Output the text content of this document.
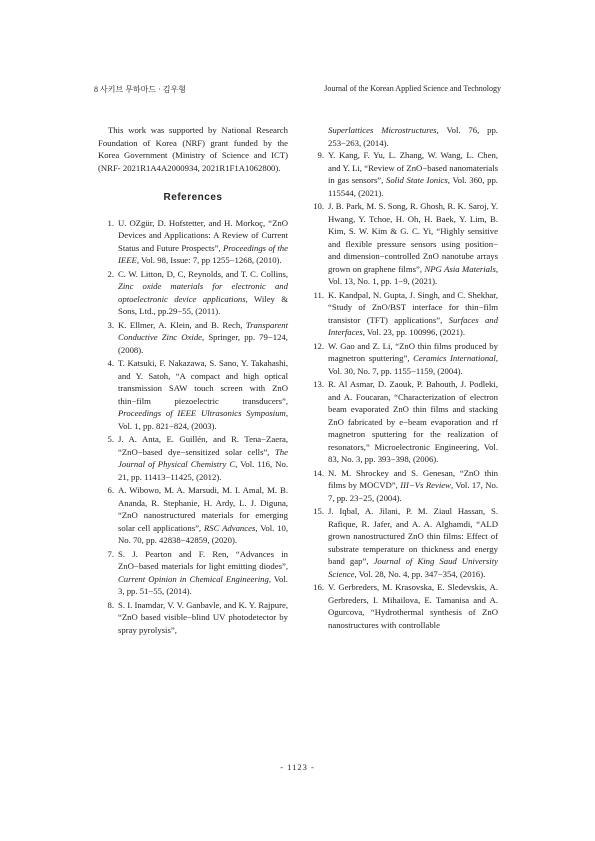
8 사키브 무하마드 · 김우형	Journal of the Korean Applied Science and Technology

This work was supported by National Research Foundation of Korea (NRF) grant funded by the Korea Government (Ministry of Science and ICT) (NRF- 2021R1A4A2000934, 2021R1F1A1062800).

References
1. U. OZgür, D. Hofstetter, and H. Morkoç, “ZnO Devices and Applications: A Review of Current Status and Future Prospects”, Proceedings of the IEEE, Vol. 98, Issue: 7, pp 1255−1268, (2010).
2. C. W. Litton, D, C, Reynolds, and T. C. Collins, Zinc oxide materials for electronic and optoelectronic device applications, Wiley & Sons, Ltd., pp.29−55, (2011).
3. K. Ellmer, A. Klein, and B. Rech, Transparent Conductive Zinc Oxide, Springer, pp. 79−124, (2008).
4. T. Katsuki, F. Nakazawa, S. Sano, Y. Takahashi, and Y. Satoh, “A compact and high optical transmission SAW touch screen with ZnO thin−film piezoelectric transducers”, Proceedings of IEEE Ultrasonics Symposium, Vol. 1, pp. 821−824, (2003).
5. J. A. Anta, E. Guillén, and R. Tena−Zaera, “ZnO−based dye−sensitized solar cells”, The Journal of Physical Chemistry C, Vol. 116, No. 21, pp. 11413−11425, (2012).
6. A. Wibowo, M. A. Marsudi, M. I. Amal, M. B. Ananda, R. Stephanie, H. Ardy, L. J. Diguna, “ZnO nanostructured materials for emerging solar cell applications”, RSC Advances, Vol. 10, No. 70, pp. 42838−42859, (2020).
7. S. J. Pearton and F. Ren, “Advances in ZnO−based materials for light emitting diodes”, Current Opinion in Chemical Engineering, Vol. 3, pp. 51−55, (2014).
8. S. I. Inamdar, V. V. Ganbavle, and K. Y. Rajpure, “ZnO based visible−blind UV photodetector by spray pyrolysis”,
Superlattices Microstructures, Vol. 76, pp. 253−263, (2014).
9. Y. Kang, F. Yu, L. Zhang, W. Wang, L. Chen, and Y. Li, “Review of ZnO−based nanomaterials in gas sensors”, Solid State Ionics, Vol. 360, pp. 115544, (2021).
10. J. B. Park, M. S. Song, R. Ghosh, R. K. Saroj, Y. Hwang, Y. Tchoe, H. Oh, H. Baek, Y. Lim, B. Kim, S. W. Kim & G. C. Yi, “Highly sensitive and flexible pressure sensors using position− and dimension−controlled ZnO nanotube arrays grown on graphene films”, NPG Asia Materials, Vol. 13, No. 1, pp. 1−9, (2021).
11. K. Kandpal, N. Gupta, J. Singh, and C. Shekhar, “Study of ZnO/BST interface for thin−film transistor (TFT) applications”, Surfaces and Interfaces, Vol. 23, pp. 100996, (2021).
12. W. Gao and Z. Li, “ZnO thin films produced by magnetron sputtering”, Ceramics International, Vol. 30, No. 7, pp. 1155−1159, (2004).
13. R. Al Asmar, D. Zaouk, P. Bahouth, J. Podleki, and A. Foucaran, “Characterization of electron beam evaporated ZnO thin films and stacking ZnO fabricated by e−beam evaporation and rf magnetron sputtering for the realization of resonators,” Microelectronic Engineering, Vol. 83, No. 3, pp. 393−398, (2006).
14. N. M. Shrockey and S. Genesan, “ZnO thin films by MOCVD”, III−Vs Review, Vol. 17, No. 7, pp. 23−25, (2004).
15. J. Iqbal, A. Jilani, P. M. Ziaul Hassan, S. Rafique, R. Jafer, and A. A. Alghamdi, “ALD grown nanostructured ZnO thin films: Effect of substrate temperature on thickness and energy band gap”, Journal of King Saud University Science, Vol. 28, No. 4, pp. 347−354, (2016).
16. V. Gerbreders, M. Krasovska, E. Sledevskis, A. Gerbreders, I. Mihailova, E. Tamanisa and A. Ogurcova, “Hydrothermal synthesis of ZnO nanostructures with controllable
- 1123 -
